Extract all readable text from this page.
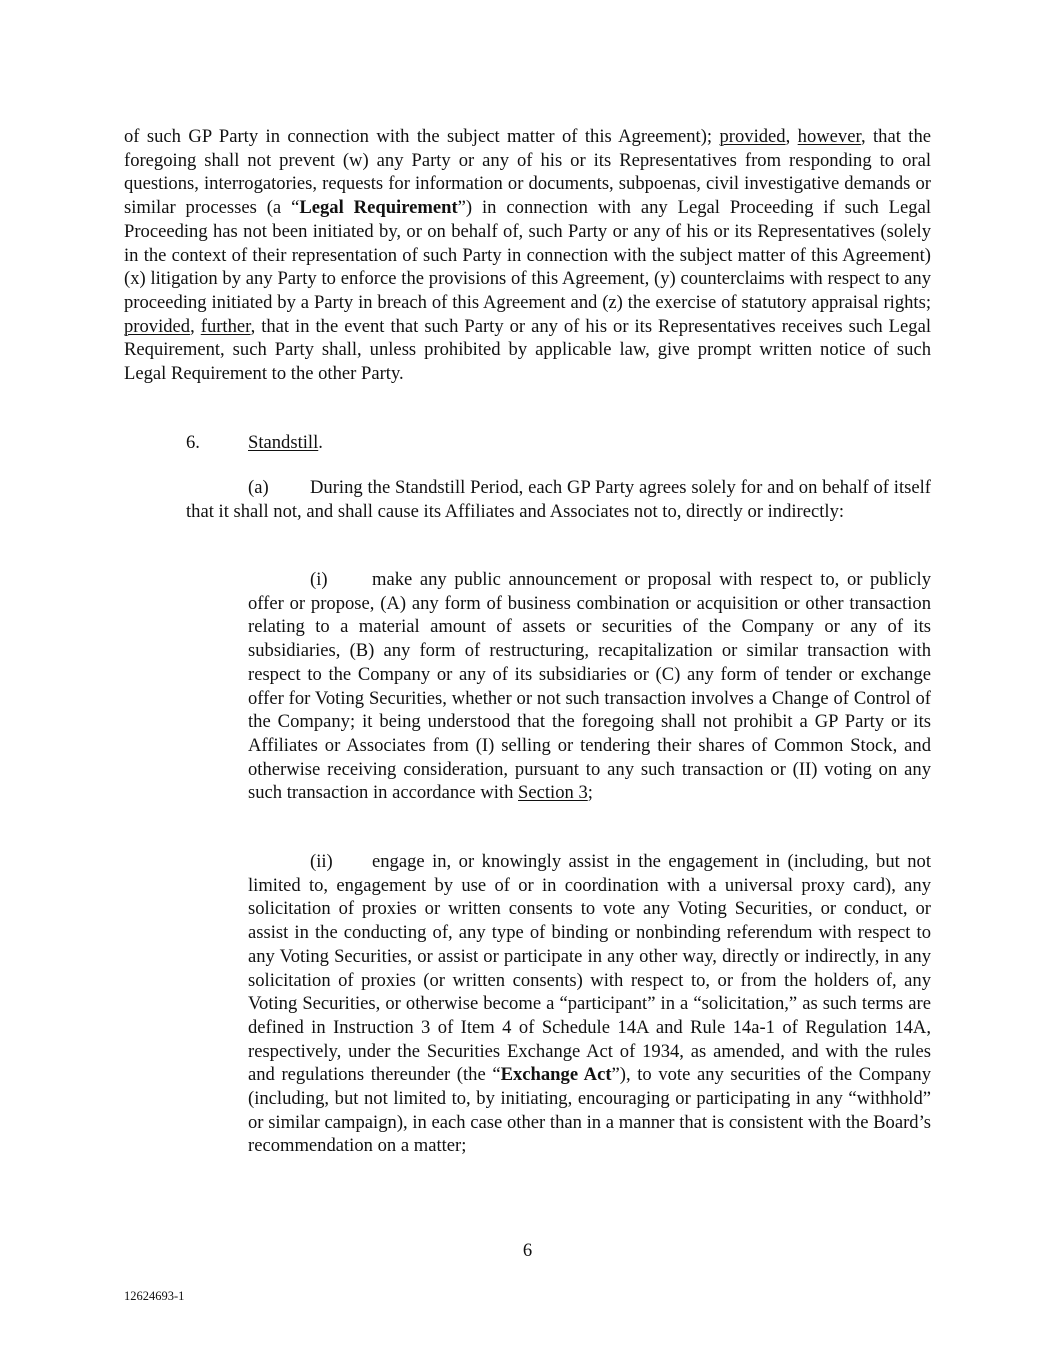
of such GP Party in connection with the subject matter of this Agreement); provided, however, that the foregoing shall not prevent (w) any Party or any of his or its Representatives from responding to oral questions, interrogatories, requests for information or documents, subpoenas, civil investigative demands or similar processes (a “Legal Requirement”) in connection with any Legal Proceeding if such Legal Proceeding has not been initiated by, or on behalf of, such Party or any of his or its Representatives (solely in the context of their representation of such Party in connection with the subject matter of this Agreement) (x) litigation by any Party to enforce the provisions of this Agreement, (y) counterclaims with respect to any proceeding initiated by a Party in breach of this Agreement and (z) the exercise of statutory appraisal rights; provided, further, that in the event that such Party or any of his or its Representatives receives such Legal Requirement, such Party shall, unless prohibited by applicable law, give prompt written notice of such Legal Requirement to the other Party.

6.	Standstill.

(a) During the Standstill Period, each GP Party agrees solely for and on behalf of itself that it shall not, and shall cause its Affiliates and Associates not to, directly or indirectly:

(i) make any public announcement or proposal with respect to, or publicly offer or propose, (A) any form of business combination or acquisition or other transaction relating to a material amount of assets or securities of the Company or any of its subsidiaries, (B) any form of restructuring, recapitalization or similar transaction with respect to the Company or any of its subsidiaries or (C) any form of tender or exchange offer for Voting Securities, whether or not such transaction involves a Change of Control of the Company; it being understood that the foregoing shall not prohibit a GP Party or its Affiliates or Associates from (I) selling or tendering their shares of Common Stock, and otherwise receiving consideration, pursuant to any such transaction or (II) voting on any such transaction in accordance with Section 3;

(ii) engage in, or knowingly assist in the engagement in (including, but not limited to, engagement by use of or in coordination with a universal proxy card), any solicitation of proxies or written consents to vote any Voting Securities, or conduct, or assist in the conducting of, any type of binding or nonbinding referendum with respect to any Voting Securities, or assist or participate in any other way, directly or indirectly, in any solicitation of proxies (or written consents) with respect to, or from the holders of, any Voting Securities, or otherwise become a “participant” in a “solicitation,” as such terms are defined in Instruction 3 of Item 4 of Schedule 14A and Rule 14a-1 of Regulation 14A, respectively, under the Securities Exchange Act of 1934, as amended, and with the rules and regulations thereunder (the “Exchange Act”), to vote any securities of the Company (including, but not limited to, by initiating, encouraging or participating in any “withhold” or similar campaign), in each case other than in a manner that is consistent with the Board’s recommendation on a matter;

6
12624693-1
